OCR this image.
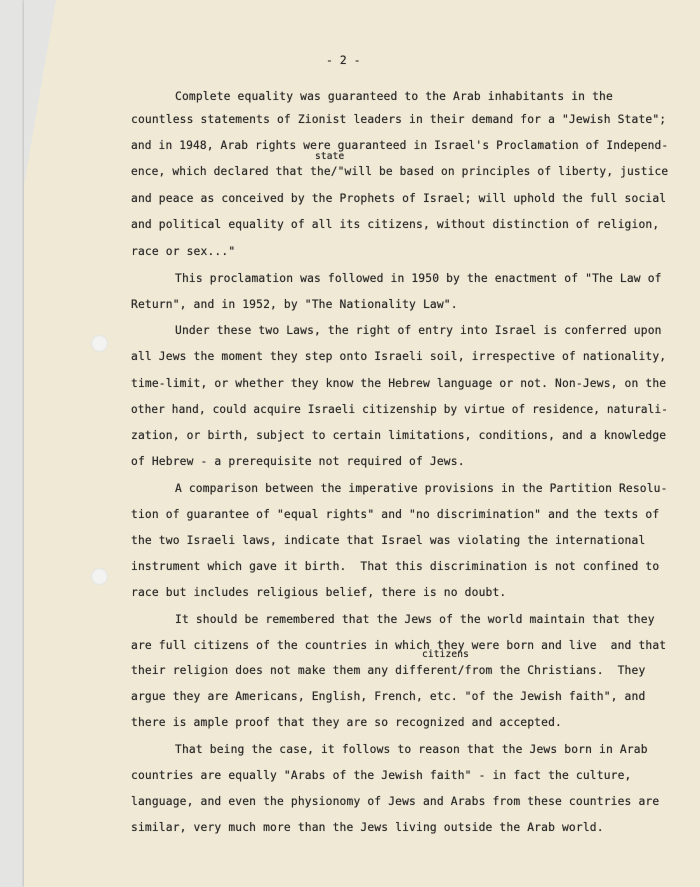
- 2 -
Complete equality was guaranteed to the Arab inhabitants in the
countless statements of Zionist leaders in their demand for a "Jewish State";
and in 1948, Arab rights were guaranteed in Israel's Proclamation of Independ-
state
ence, which declared that the/"will be based on principles of liberty, justice
and peace as conceived by the Prophets of Israel; will uphold the full social
and political equality of all its citizens, without distinction of religion,
race or sex..."
This proclamation was followed in 1950 by the enactment of "The Law of
Return", and in 1952, by "The Nationality Law".
Under these two Laws, the right of entry into Israel is conferred upon
all Jews the moment they step onto Israeli soil, irrespective of nationality,
time-limit, or whether they know the Hebrew language or not. Non-Jews, on the
other hand, could acquire Israeli citizenship by virtue of residence, naturali-
zation, or birth, subject to certain limitations, conditions, and a knowledge
of Hebrew - a prerequisite not required of Jews.
A comparison between the imperative provisions in the Partition Resolu-
tion of guarantee of "equal rights" and "no discrimination" and the texts of
the two Israeli laws, indicate that Israel was violating the international
instrument which gave it birth.  That this discrimination is not confined to
race but includes religious belief, there is no doubt.
It should be remembered that the Jews of the world maintain that they
are full citizens of the countries in which they were born and live  and that
citizens
their religion does not make them any different/from the Christians.  They
argue they are Americans, English, French, etc. "of the Jewish faith", and
there is ample proof that they are so recognized and accepted.
That being the case, it follows to reason that the Jews born in Arab
countries are equally "Arabs of the Jewish faith" - in fact the culture,
language, and even the physionomy of Jews and Arabs from these countries are
similar, very much more than the Jews living outside the Arab world.
